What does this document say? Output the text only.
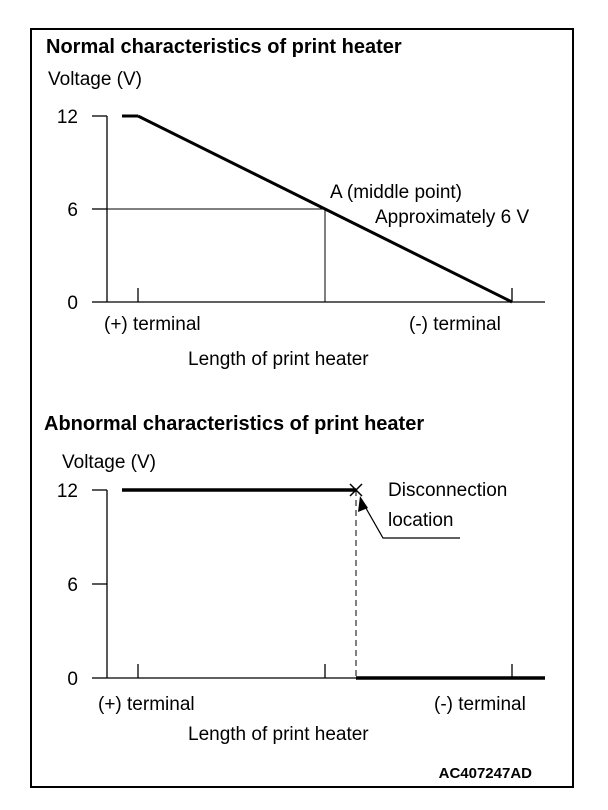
Normal characteristics of print heater
Voltage (V)
12
6
0
A (middle point)
Approximately 6 V
(+) terminal	(-) terminal
Length of print heater
Abnormal characteristics of print heater
Voltage (V)
12
6
0
Disconnection
location
(+) terminal	(-) terminal
Length of print heater
AC407247AD
